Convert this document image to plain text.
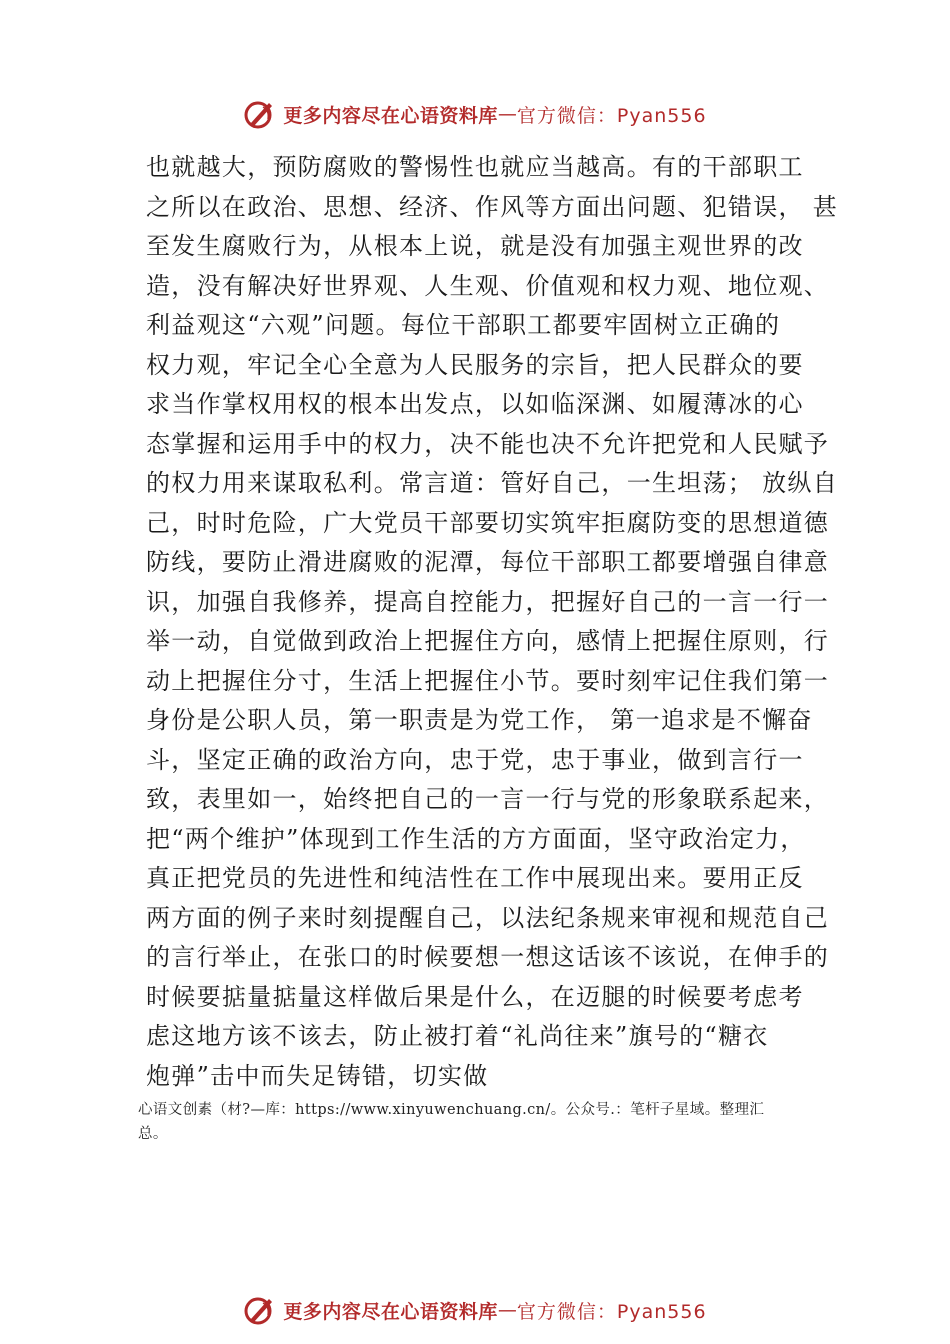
更多内容尽在心语资料库 — 官方微信：Pyan556
也就越大，预防腐败的警惕性也就应当越高。有的干部职工
之所以在政治、思想、经济、作风等方面出问题、犯错误， 甚
至发生腐败行为，从根本上说，就是没有加强主观世界的改
造，没有解决好世界观、人生观、价值观和权力观、地位观、
利益观这“六观”问题。每位干部职工都要牢固树立正确的
权力观，牢记全心全意为人民服务的宗旨，把人民群众的要
求当作掌权用权的根本出发点，以如临深渊、如履薄冰的心
态掌握和运用手中的权力，决不能也决不允许把党和人民赋予
的权力用来谋取私利。常言道：管好自己，一生坦荡； 放纵自
己，时时危险，广大党员干部要切实筑牢拒腐防变的思想道德
防线，要防止滑进腐败的泥潭，每位干部职工都要增强自律意
识，加强自我修养，提高自控能力，把握好自己的一言一行一
举一动，自觉做到政治上把握住方向，感情上把握住原则，行
动上把握住分寸，生活上把握住小节。要时刻牢记住我们第一
身份是公职人员，第一职责是为党工作， 第一追求是不懈奋
斗，坚定正确的政治方向，忠于党，忠于事业，做到言行一
致，表里如一，始终把自己的一言一行与党的形象联系起来，
把“两个维护”体现到工作生活的方方面面，坚守政治定力，
真正把党员的先进性和纯洁性在工作中展现出来。要用正反
两方面的例子来时刻提醒自己，以法纪条规来审视和规范自己
的言行举止，在张口的时候要想一想这话该不该说，在伸手的
时候要掂量掂量这样做后果是什么，在迈腿的时候要考虑考
虑这地方该不该去，防止被打着“礼尚往来”旗号的“糖衣
炮弹”击中而失足铸错，切实做
心语文创素（材?—库：https://www.xinyuwenchuang.cn/。公众号.：笔杆子星域。整理汇
总。
更多内容尽在心语资料库 — 官方微信：Pyan556
